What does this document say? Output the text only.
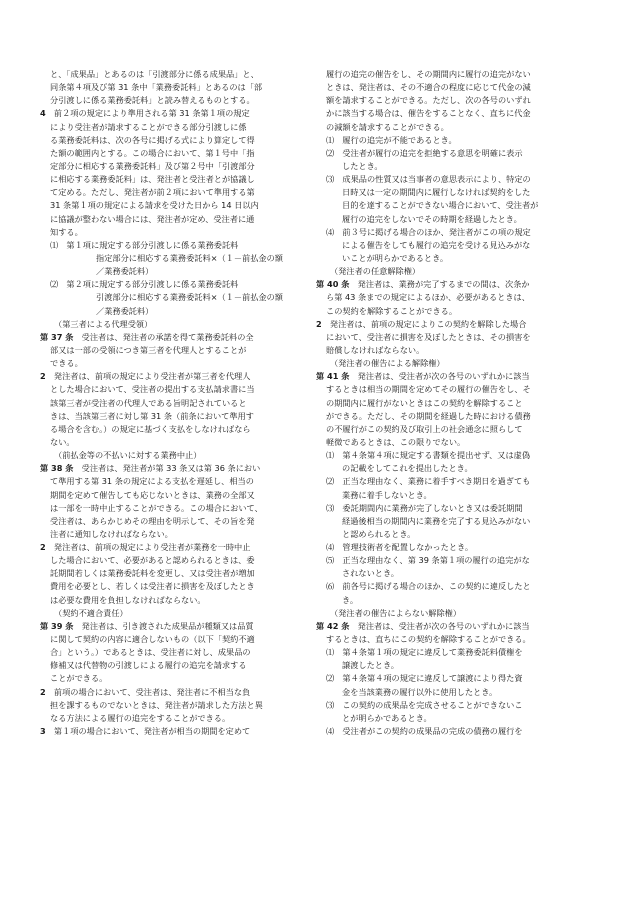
と、「成果品」とあるのは「引渡部分に係る成果品」と、
同条第４項及び第 31 条中「業務委託料」とあるのは「部
分引渡しに係る業務委託料」と読み替えるものとする。
4　前２項の規定により準用される第 31 条第１項の規定
により受注者が請求することができる部分引渡しに係
る業務委託料は、次の各号に掲げる式により算定して得
た額の範囲内とする。この場合において、第１号中「指
定部分に相応する業務委託料」及び第２号中「引渡部分
に相応する業務委託料」は、発注者と受注者とが協議し
て定める。ただし、発注者が前２項において準用する第
31 条第１項の規定による請求を受けた日から 14 日以内
に協議が整わない場合には、発注者が定め、受注者に通
知する。
⑴　第１項に規定する部分引渡しに係る業務委託料
指定部分に相応する業務委託料×（１－前払金の額
／業務委託料）
⑵　第２項に規定する部分引渡しに係る業務委託料
引渡部分に相応する業務委託料×（１－前払金の額
／業務委託料）
（第三者による代理受領）
第 37 条　受注者は、発注者の承諾を得て業務委託料の全
部又は一部の受領につき第三者を代理人とすることが
できる。
2　発注者は、前項の規定により受注者が第三者を代理人
とした場合において、受注者の提出する支払請求書に当
該第三者が受注者の代理人である旨明記されていると
きは、当該第三者に対し第 31 条（前条において準用す
る場合を含む。）の規定に基づく支払をしなければなら
ない。
（前払金等の不払いに対する業務中止）
第 38 条　受注者は、発注者が第 33 条又は第 36 条におい
て準用する第 31 条の規定による支払を遅延し、相当の
期間を定めて催告しても応じないときは、業務の全部又
は一部を一時中止することができる。この場合において、
受注者は、あらかじめその理由を明示して、その旨を発
注者に通知しなければならない。
2　発注者は、前項の規定により受注者が業務を一時中止
した場合において、必要があると認められるときは、委
託期間若しくは業務委託料を変更し、又は受注者が増加
費用を必要とし、若しくは受注者に損害を及ぼしたとき
は必要な費用を負担しなければならない。
（契約不適合責任）
第 39 条　発注者は、引き渡された成果品が種類又は品質
に関して契約の内容に適合しないもの（以下「契約不適
合」という。）であるときは、受注者に対し、成果品の
修補又は代替物の引渡しによる履行の追完を請求する
ことができる。
2　前項の場合において、受注者は、発注者に不相当な負
担を課するものでないときは、発注者が請求した方法と異
なる方法による履行の追完をすることができる。
3　第１項の場合において、発注者が相当の期間を定めて
履行の追完の催告をし、その期間内に履行の追完がない
ときは、発注者は、その不適合の程度に応じて代金の減
額を請求することができる。ただし、次の各号のいずれ
かに該当する場合は、催告をすることなく、直ちに代金
の減額を請求することができる。
⑴　履行の追完が不能であるとき。
⑵　受注者が履行の追完を拒絶する意思を明確に表示
したとき。
⑶　成果品の性質又は当事者の意思表示により、特定の
日時又は一定の期間内に履行しなければ契約をした
目的を達することができない場合において、受注者が
履行の追完をしないでその時期を経過したとき。
⑷　前３号に掲げる場合のほか、発注者がこの項の規定
による催告をしても履行の追完を受ける見込みがな
いことが明らかであるとき。
（発注者の任意解除権）
第 40 条　発注者は、業務が完了するまでの間は、次条か
ら第 43 条までの規定によるほか、必要があるときは、
この契約を解除することができる。
2　発注者は、前項の規定によりこの契約を解除した場合
において、受注者に損害を及ぼしたときは、その損害を
賠償しなければならない。
（発注者の催告による解除権）
第 41 条　発注者は、受注者が次の各号のいずれかに該当
するときは相当の期間を定めてその履行の催告をし、そ
の期間内に履行がないときはこの契約を解除すること
ができる。ただし、その期間を経過した時における債務
の不履行がこの契約及び取引上の社会通念に照らして
軽微であるときは、この限りでない。
⑴　第４条第４項に規定する書類を提出せず、又は虚偽
の記載をしてこれを提出したとき。
⑵　正当な理由なく、業務に着手すべき期日を過ぎても
業務に着手しないとき。
⑶　委託期間内に業務が完了しないとき又は委託期間
経過後相当の期間内に業務を完了する見込みがない
と認められるとき。
⑷　管理技術者を配置しなかったとき。
⑸　正当な理由なく、第 39 条第１項の履行の追完がな
されないとき。
⑹　前各号に掲げる場合のほか、この契約に違反したと
き。
（発注者の催告によらない解除権）
第 42 条　発注者は、受注者が次の各号のいずれかに該当
するときは、直ちにこの契約を解除することができる。
⑴　第４条第１項の規定に違反して業務委託料債権を
譲渡したとき。
⑵　第４条第４項の規定に違反して譲渡により得た資
金を当該業務の履行以外に使用したとき。
⑶　この契約の成果品を完成させることができないこ
とが明らかであるとき。
⑷　受注者がこの契約の成果品の完成の債務の履行を
